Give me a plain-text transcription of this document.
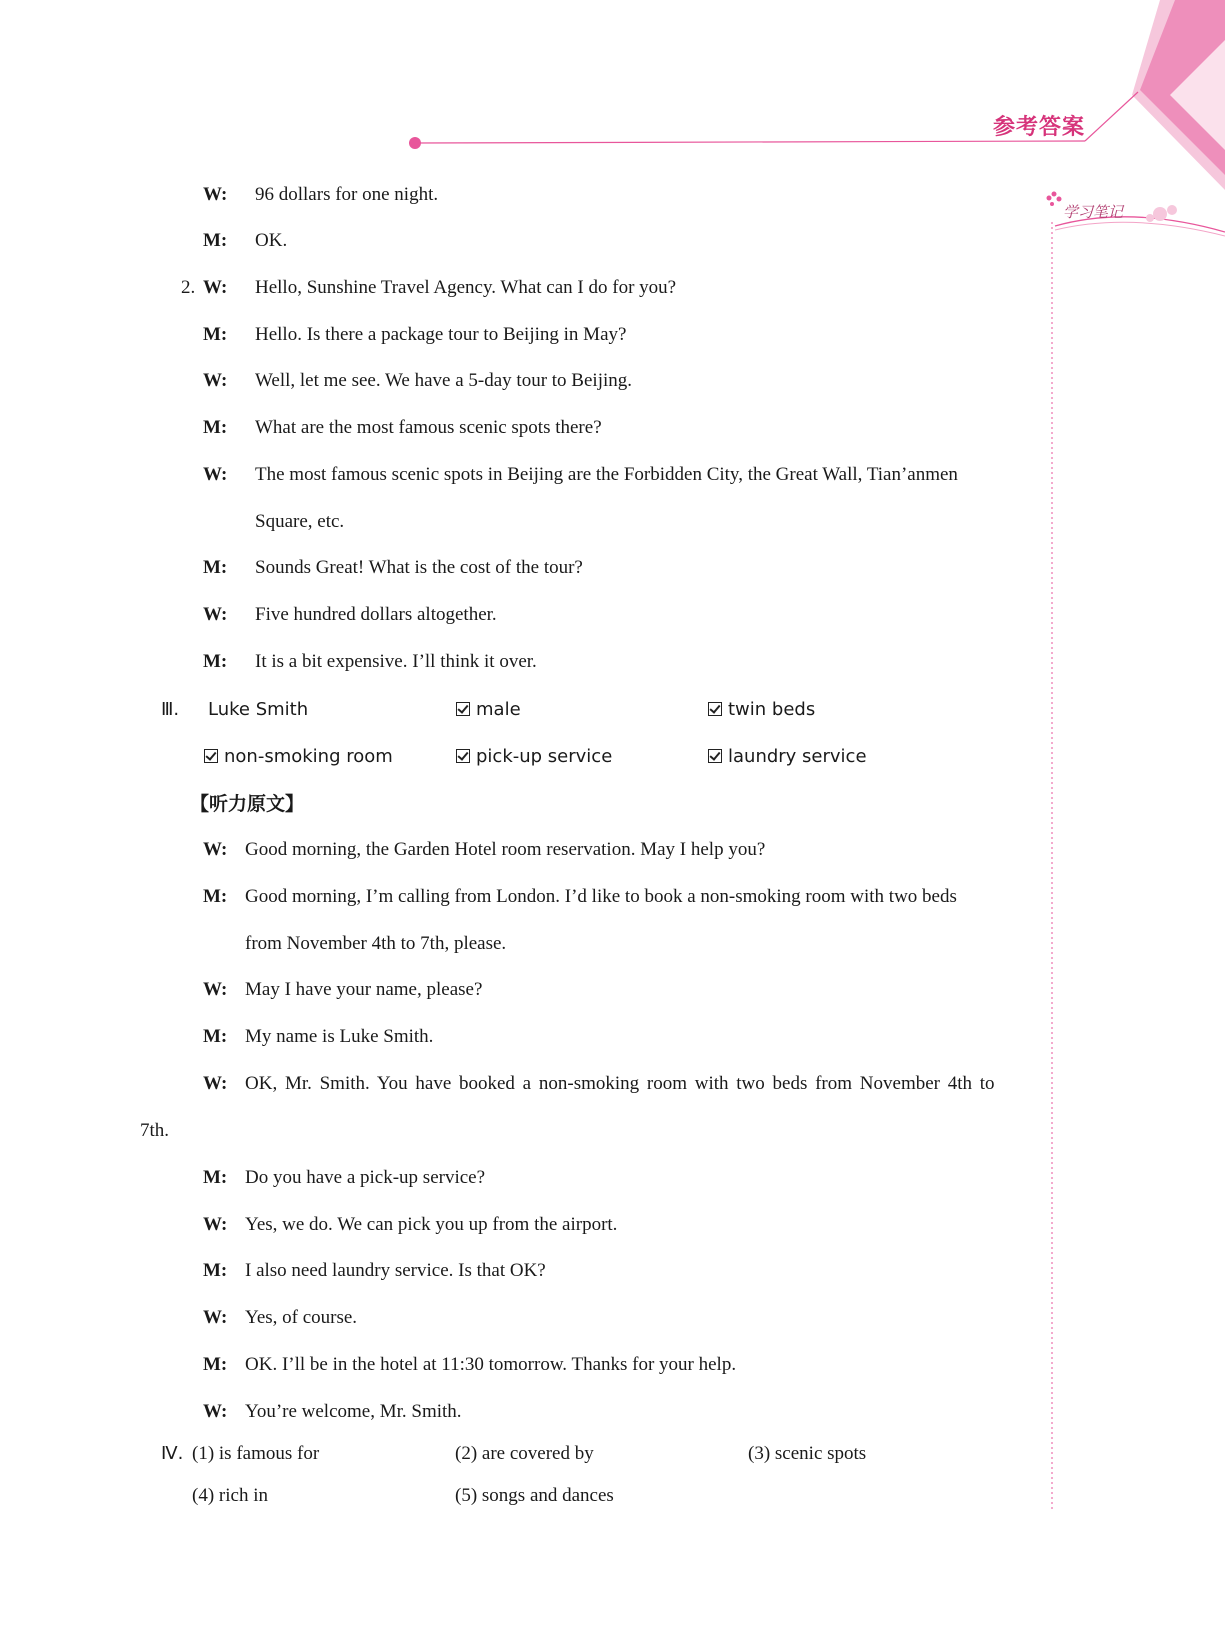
参考答案
学习笔记
W: 96 dollars for one night.
M: OK.
2. W: Hello, Sunshine Travel Agency. What can I do for you?
M: Hello. Is there a package tour to Beijing in May?
W: Well, let me see. We have a 5-day tour to Beijing.
M: What are the most famous scenic spots there?
W: The most famous scenic spots in Beijing are the Forbidden City, the Great Wall, Tian’anmen
Square, etc.
M: Sounds Great! What is the cost of the tour?
W: Five hundred dollars altogether.
M: It is a bit expensive. I’ll think it over.
Ⅲ. Luke Smith	male	twin beds
non-smoking room	pick-up service	laundry service
【听力原文】
W: Good morning, the Garden Hotel room reservation. May I help you?
M: Good morning, I’m calling from London. I’d like to book a non-smoking room with two beds
from November 4th to 7th, please.
W: May I have your name, please?
M: My name is Luke Smith.
W: OK, Mr. Smith. You have booked a non-smoking room with two beds from November 4th to
7th.
M: Do you have a pick-up service?
W: Yes, we do. We can pick you up from the airport.
M: I also need laundry service. Is that OK?
W: Yes, of course.
M: OK. I’ll be in the hotel at 11:30 tomorrow. Thanks for your help.
W: You’re welcome, Mr. Smith.
Ⅳ. (1) is famous for	(2) are covered by	(3) scenic spots
(4) rich in	(5) songs and dances
